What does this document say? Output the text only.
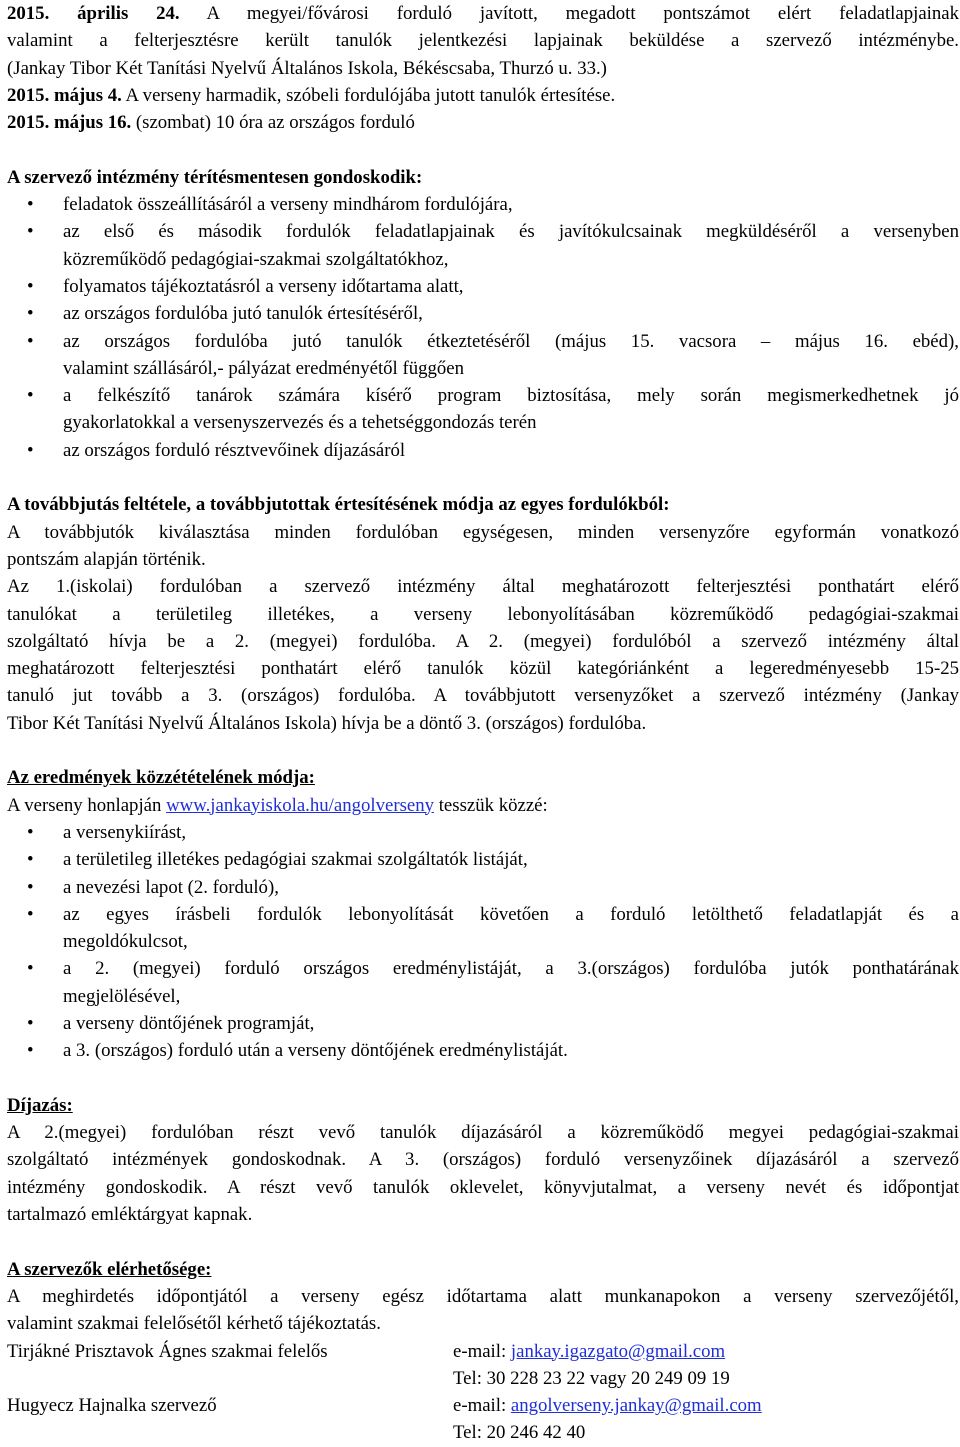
2015. április 24. A megyei/fővárosi forduló javított, megadott pontszámot elért feladatlapjainak
valamint a felterjesztésre került tanulók jelentkezési lapjainak beküldése a szervező intézménybe.
(Jankay Tibor Két Tanítási Nyelvű Általános Iskola, Békéscsaba, Thurzó u. 33.)
2015. május 4. A verseny harmadik, szóbeli fordulójába jutott tanulók értesítése.
2015. május 16. (szombat) 10 óra az országos forduló
A szervező intézmény térítésmentesen gondoskodik:
• feladatok összeállításáról a verseny mindhárom fordulójára,
• az első és második fordulók feladatlapjainak és javítókulcsainak megküldéséről a versenyben
közreműködő pedagógiai-szakmai szolgáltatókhoz,
• folyamatos tájékoztatásról a verseny időtartama alatt,
• az országos fordulóba jutó tanulók értesítéséről,
• az országos fordulóba jutó tanulók étkeztetéséről (május 15. vacsora – május 16. ebéd),
valamint szállásáról,- pályázat eredményétől függően
• a felkészítő tanárok számára kísérő program biztosítása, mely során megismerkedhetnek jó
gyakorlatokkal a versenyszervezés és a tehetséggondozás terén
• az országos forduló résztvevőinek díjazásáról
A továbbjutás feltétele, a továbbjutottak értesítésének módja az egyes fordulókból:
A továbbjutók kiválasztása minden fordulóban egységesen, minden versenyzőre egyformán vonatkozó
pontszám alapján történik.
Az 1.(iskolai) fordulóban a szervező intézmény által meghatározott felterjesztési ponthatárt elérő
tanulókat a területileg illetékes, a verseny lebonyolításában közreműködő pedagógiai-szakmai
szolgáltató hívja be a 2. (megyei) fordulóba. A 2. (megyei) fordulóból a szervező intézmény által
meghatározott felterjesztési ponthatárt elérő tanulók közül kategóriánként a legeredményesebb 15-25
tanuló jut tovább a 3. (országos) fordulóba. A továbbjutott versenyzőket a szervező intézmény (Jankay
Tibor Két Tanítási Nyelvű Általános Iskola) hívja be a döntő 3. (országos) fordulóba.
Az eredmények közzétételének módja:
A verseny honlapján www.jankayiskola.hu/angolverseny tesszük közzé:
• a versenykiírást,
• a területileg illetékes pedagógiai szakmai szolgáltatók listáját,
• a nevezési lapot (2. forduló),
• az egyes írásbeli fordulók lebonyolítását követően a forduló letölthető feladatlapját és a
megoldókulcsot,
• a 2. (megyei) forduló országos eredménylistáját, a 3.(országos) fordulóba jutók ponthatárának
megjelölésével,
• a verseny döntőjének programját,
• a 3. (országos) forduló után a verseny döntőjének eredménylistáját.
Díjazás:
A 2.(megyei) fordulóban részt vevő tanulók díjazásáról a közreműködő megyei pedagógiai-szakmai
szolgáltató intézmények gondoskodnak. A 3. (országos) forduló versenyzőinek díjazásáról a szervező
intézmény gondoskodik. A részt vevő tanulók oklevelet, könyvjutalmat, a verseny nevét és időpontjat
tartalmazó emléktárgyat kapnak.
A szervezők elérhetősége:
A meghirdetés időpontjától a verseny egész időtartama alatt munkanapokon a verseny szervezőjétől,
valamint szakmai felelősétől kérhető tájékoztatás.
Tirjákné Prisztavok Ágnes szakmai felelős	e-mail: jankay.igazgato@gmail.com
Tel: 30 228 23 22 vagy 20 249 09 19
Hugyecz Hajnalka szervező	e-mail: angolverseny.jankay@gmail.com
Tel: 20 246 42 40
